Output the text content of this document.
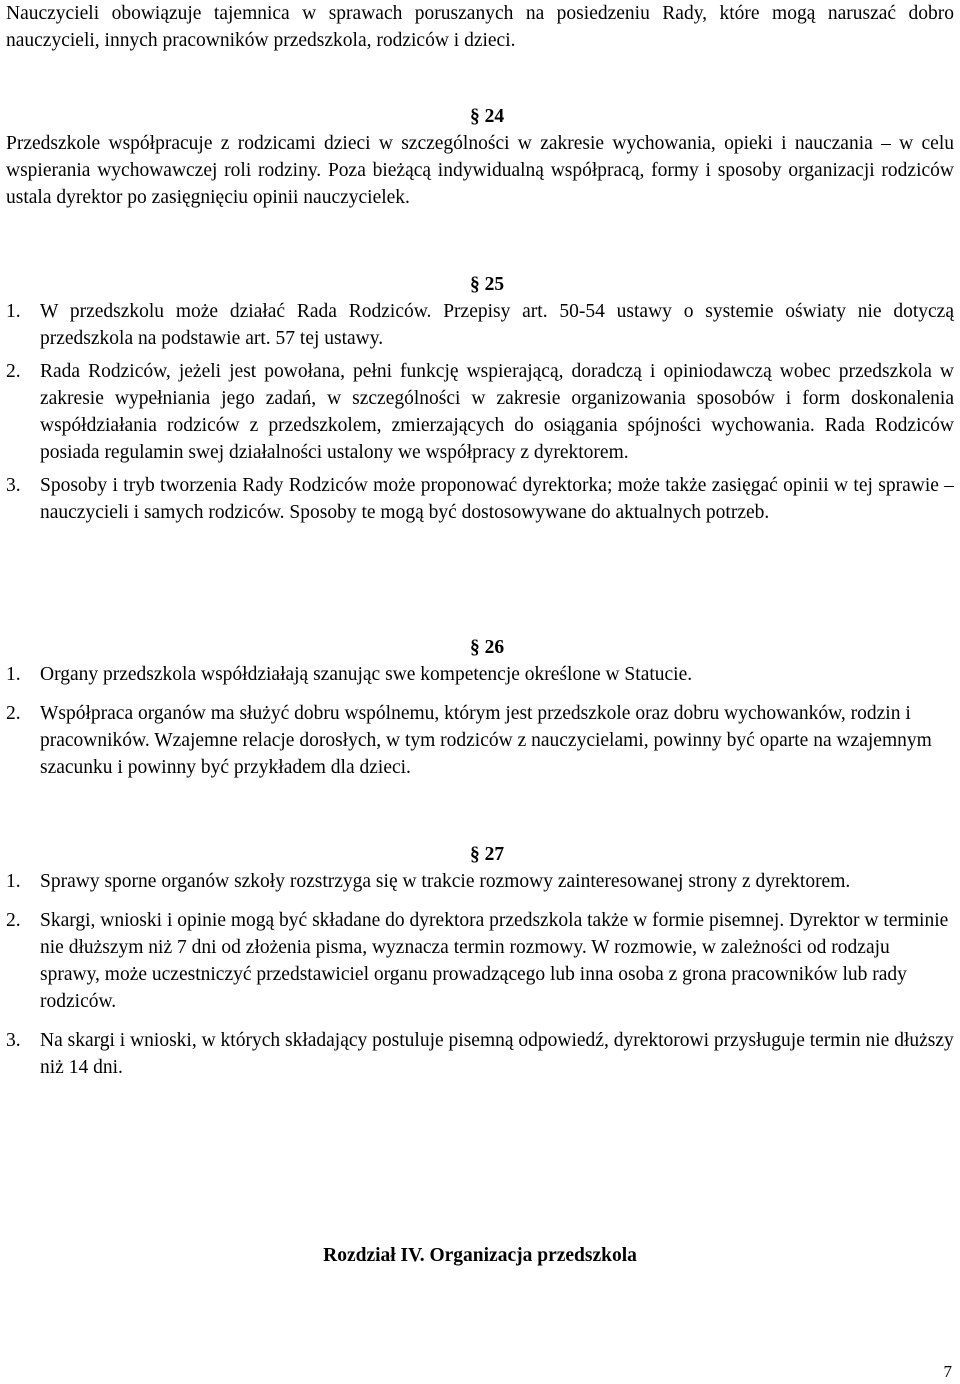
Nauczycieli obowiązuje tajemnica w sprawach poruszanych na posiedzeniu Rady, które mogą naruszać dobro nauczycieli, innych pracowników przedszkola, rodziców i dzieci.

§ 24

Przedszkole współpracuje z rodzicami dzieci w szczególności w zakresie wychowania, opieki i nauczania – w celu wspierania wychowawczej roli rodziny. Poza bieżącą indywidualną współpracą, formy i sposoby organizacji rodziców ustala dyrektor po zasięgnięciu opinii nauczycielek.

§ 25

1. W przedszkolu może działać Rada Rodziców. Przepisy art. 50-54 ustawy o systemie oświaty nie dotyczą przedszkola na podstawie art. 57 tej ustawy.
2. Rada Rodziców, jeżeli jest powołana, pełni funkcję wspierającą, doradczą i opiniodawczą wobec przedszkola w zakresie wypełniania jego zadań, w szczególności w zakresie organizowania sposobów i form doskonalenia współdziałania rodziców z przedszkolem, zmierzających do osiągania spójności wychowania. Rada Rodziców posiada regulamin swej działalności ustalony we współpracy z dyrektorem.
3. Sposoby i tryb tworzenia Rady Rodziców może proponować dyrektorka; może także zasięgać opinii w tej sprawie – nauczycieli i samych rodziców. Sposoby te mogą być dostosowywane do aktualnych potrzeb.

§ 26

1. Organy przedszkola współdziałają szanując swe kompetencje określone w Statucie.
2. Współpraca organów ma służyć dobru wspólnemu, którym jest przedszkole oraz dobru wychowanków, rodzin i pracowników. Wzajemne relacje dorosłych, w tym rodziców z nauczycielami, powinny być oparte na wzajemnym szacunku i powinny być przykładem dla dzieci.

§ 27

1. Sprawy sporne organów szkoły rozstrzyga się w trakcie rozmowy zainteresowanej strony z dyrektorem.
2. Skargi, wnioski i opinie mogą być składane do dyrektora przedszkola także w formie pisemnej. Dyrektor w terminie nie dłuższym niż 7 dni od złożenia pisma, wyznacza termin rozmowy. W rozmowie, w zależności od rodzaju sprawy, może uczestniczyć przedstawiciel organu prowadzącego lub inna osoba z grona pracowników lub rady rodziców.
3. Na skargi i wnioski, w których składający postuluje pisemną odpowiedź, dyrektorowi przysługuje termin nie dłuższy niż 14 dni.

Rozdział IV. Organizacja przedszkola

7
